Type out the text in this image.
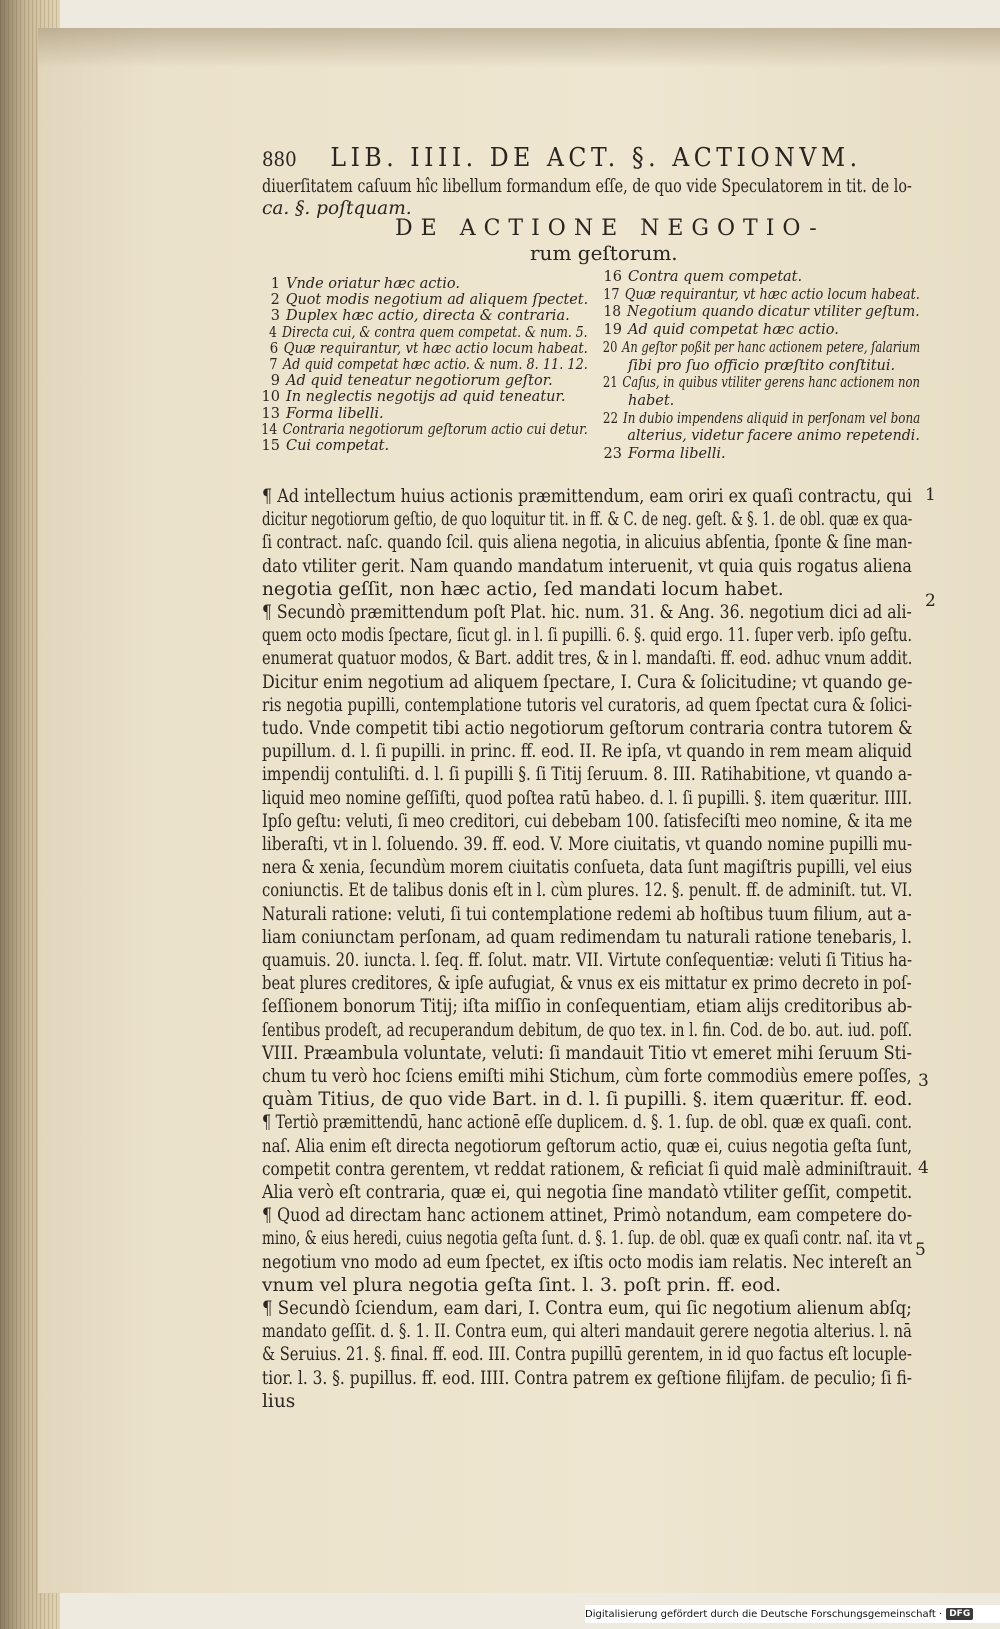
880 LIB. IIII. DE ACT. §. ACTIONVM.
diuerſitatem caſuum hîc libellum formandum eſſe, de quo vide Speculatorem in tit. de lo-
ca. §. poſtquam.
DE ACTIONE NEGOTIO-
rum geſtorum.
1 Vnde oriatur hæc actio.
2 Quot modis negotium ad aliquem ſpectet.
3 Duplex hæc actio, directa & contraria.
4 Directa cui, & contra quem competat. & num. 5.
6 Quæ requirantur, vt hæc actio locum habeat.
7 Ad quid competat hæc actio. & num. 8. 11. 12.
9 Ad quid teneatur negotiorum geſtor.
10 In neglectis negotijs ad quid teneatur.
13 Forma libelli.
14 Contraria negotiorum geſtorum actio cui detur.
15 Cui competat.
16 Contra quem competat.
17 Quæ requirantur, vt hæc actio locum habeat.
18 Negotium quando dicatur vtiliter geſtum.
19 Ad quid competat hæc actio.
20 An geſtor poßit per hanc actionem petere, ſalarium
ſibi pro ſuo officio præſtito conſtitui.
21 Caſus, in quibus vtiliter gerens hanc actionem non
habet.
22 In dubio impendens aliquid in perſonam vel bona
alterius, videtur facere animo repetendi.
23 Forma libelli.
¶ Ad intellectum huius actionis præmittendum, eam oriri ex quaſi contractu, qui
dicitur negotiorum geſtio, de quo loquitur tit. in ff. & C. de neg. geſt. & §. 1. de obl. quæ ex qua-
ſi contract. naſc. quando ſcil. quis aliena negotia, in alicuius abſentia, ſponte & ſine man-
dato vtiliter gerit. Nam quando mandatum interuenit, vt quia quis rogatus aliena
negotia geſſit, non hæc actio, ſed mandati locum habet.
¶ Secundò præmittendum poſt Plat. hic. num. 31. & Ang. 36. negotium dici ad ali-
quem octo modis ſpectare, ſicut gl. in l. ſi pupilli. 6. §. quid ergo. 11. ſuper verb. ipſo geſtu.
enumerat quatuor modos, & Bart. addit tres, & in l. mandaſti. ff. eod. adhuc vnum addit.
Dicitur enim negotium ad aliquem ſpectare, I. Cura & ſolicitudine; vt quando ge-
ris negotia pupilli, contemplatione tutoris vel curatoris, ad quem ſpectat cura & ſolici-
tudo. Vnde competit tibi actio negotiorum geſtorum contraria contra tutorem &
pupillum. d. l. ſi pupilli. in princ. ff. eod. II. Re ipſa, vt quando in rem meam aliquid
impendij contuliſti. d. l. ſi pupilli §. ſi Titij ſeruum. 8. III. Ratihabitione, vt quando a-
liquid meo nomine geſſiſti, quod poſtea ratū habeo. d. l. ſi pupilli. §. item quæritur. IIII.
Ipſo geſtu: veluti, ſi meo creditori, cui debebam 100. ſatisfeciſti meo nomine, & ita me
liberaſti, vt in l. ſoluendo. 39. ff. eod. V. More ciuitatis, vt quando nomine pupilli mu-
nera & xenia, ſecundùm morem ciuitatis conſueta, data ſunt magiſtris pupilli, vel eius
coniunctis. Et de talibus donis eſt in l. cùm plures. 12. §. penult. ff. de adminiſt. tut. VI.
Naturali ratione: veluti, ſi tui contemplatione redemi ab hoſtibus tuum filium, aut a-
liam coniunctam perſonam, ad quam redimendam tu naturali ratione tenebaris, l.
quamuis. 20. iuncta. l. ſeq. ff. ſolut. matr. VII. Virtute conſequentiæ: veluti ſi Titius ha-
beat plures creditores, & ipſe aufugiat, & vnus ex eis mittatur ex primo decreto in poſ-
ſeſſionem bonorum Titij; iſta miſſio in conſequentiam, etiam alijs creditoribus ab-
ſentibus prodeſt, ad recuperandum debitum, de quo tex. in l. fin. Cod. de bo. aut. iud. poſſ.
VIII. Præambula voluntate, veluti: ſi mandauit Titio vt emeret mihi ſeruum Sti-
chum tu verò hoc ſciens emiſti mihi Stichum, cùm forte commodiùs emere poſſes,
quàm Titius, de quo vide Bart. in d. l. ſi pupilli. §. item quæritur. ff. eod.
¶ Tertiò præmittendū, hanc actionē eſſe duplicem. d. §. 1. ſup. de obl. quæ ex quaſi. cont.
naſ. Alia enim eſt directa negotiorum geſtorum actio, quæ ei, cuius negotia geſta ſunt,
competit contra gerentem, vt reddat rationem, & reficiat ſi quid malè adminiſtrauit.
Alia verò eſt contraria, quæ ei, qui negotia ſine mandatò vtiliter geſſit, competit.
¶ Quod ad directam hanc actionem attinet, Primò notandum, eam competere do-
mino, & eius heredi, cuius negotia geſta ſunt. d. §. 1. ſup. de obl. quæ ex quaſi contr. naſ. ita vt
negotium vno modo ad eum ſpectet, ex iſtis octo modis iam relatis. Nec intereſt an
vnum vel plura negotia geſta ſint. l. 3. poſt prin. ff. eod.
¶ Secundò ſciendum, eam dari, I. Contra eum, qui ſic negotium alienum abſq;
mandato geſſit. d. §. 1. II. Contra eum, qui alteri mandauit gerere negotia alterius. l. nā
& Seruius. 21. §. final. ff. eod. III. Contra pupillū gerentem, in id quo factus eſt locuple-
tior. l. 3. §. pupillus. ff. eod. IIII. Contra patrem ex geſtione filijfam. de peculio; ſi fi-
lius
1
2
3
4
5
Digitalisierung gefördert durch die Deutsche Forschungsgemeinschaft · DFG
